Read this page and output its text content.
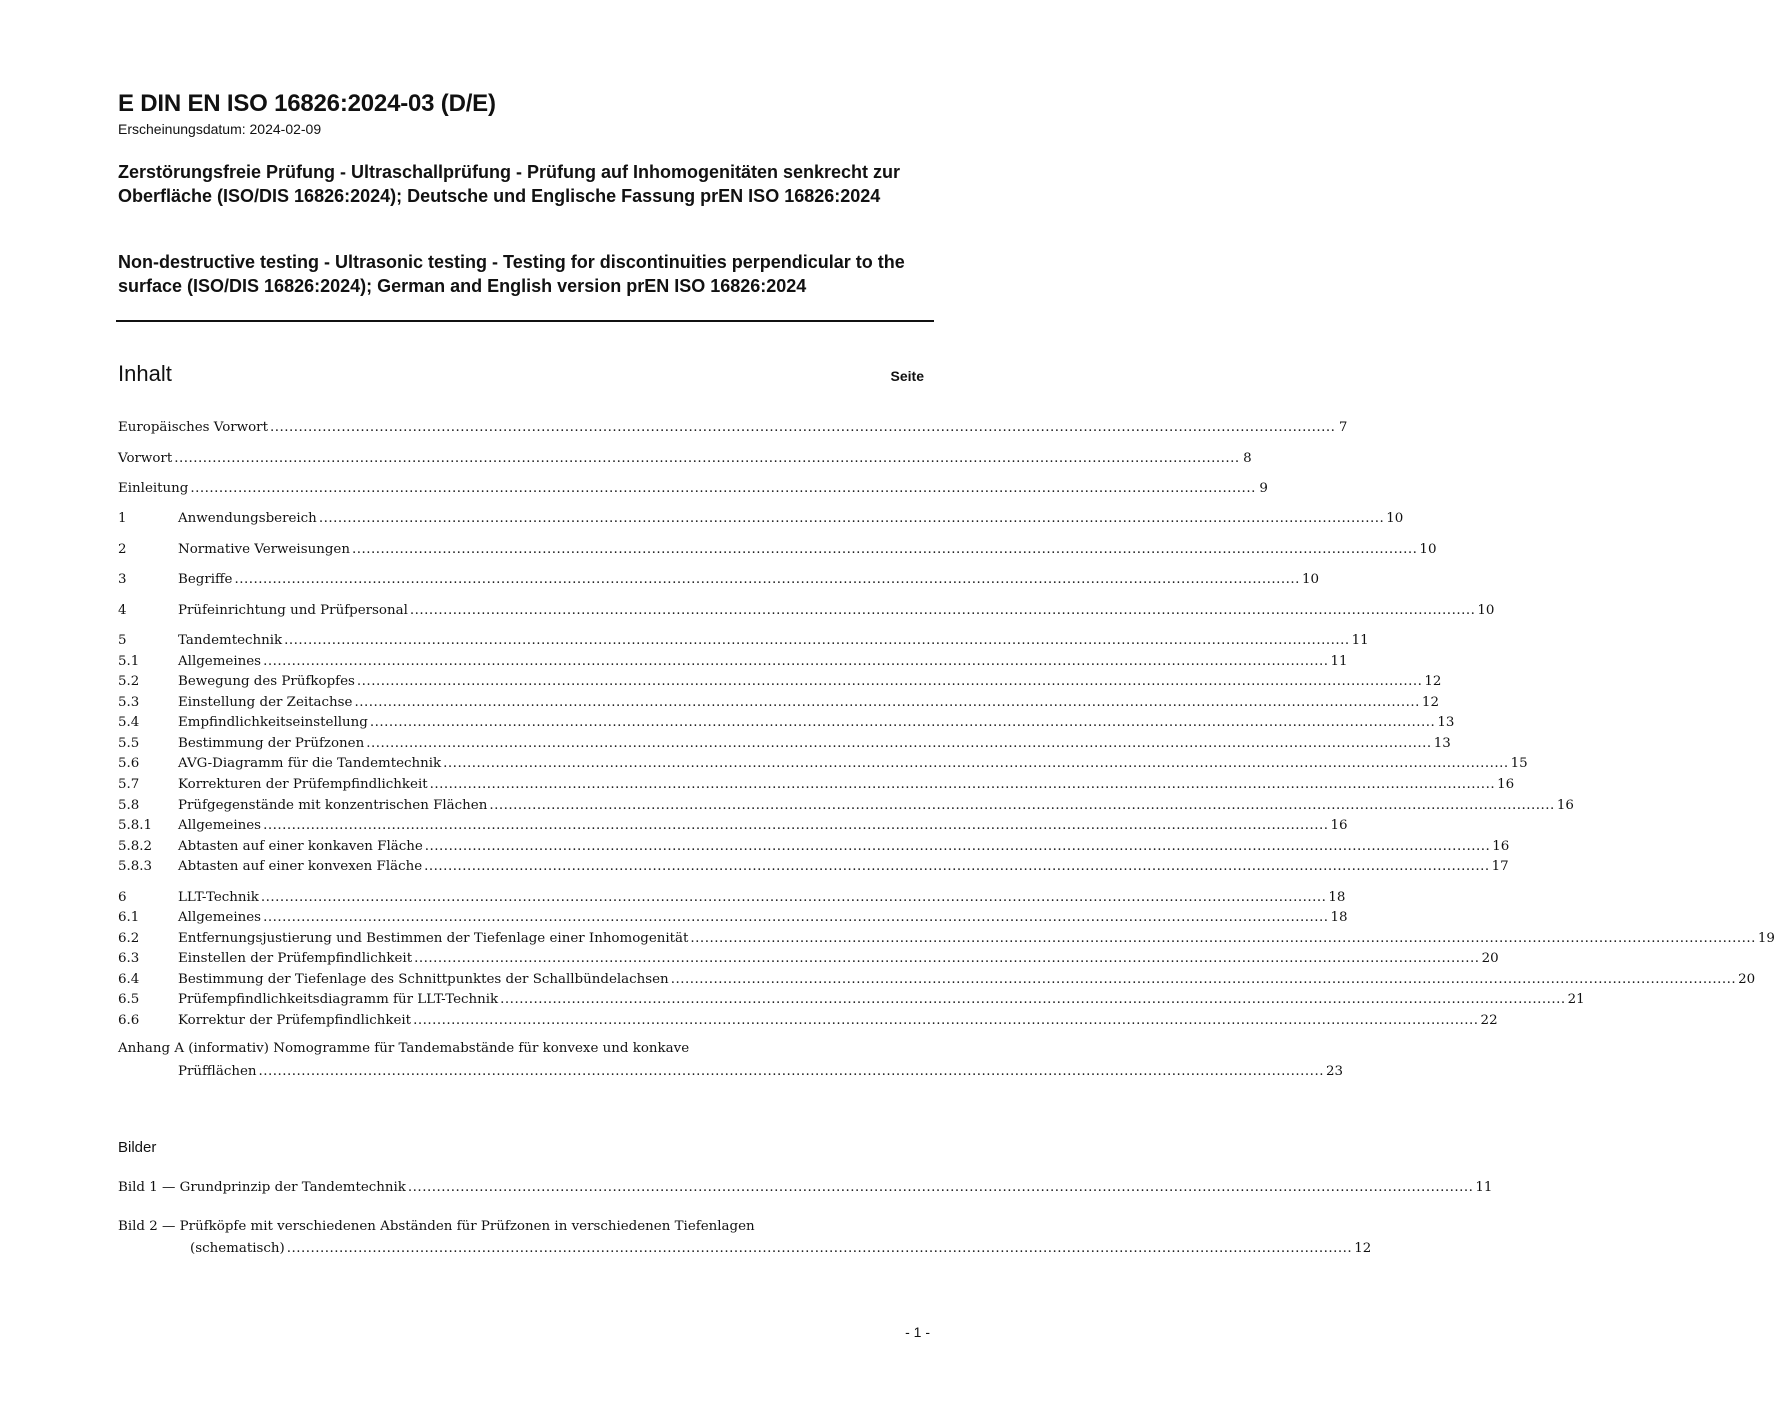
E DIN EN ISO 16826:2024-03 (D/E)
Erscheinungsdatum: 2024-02-09
Zerstörungsfreie Prüfung - Ultraschallprüfung - Prüfung auf Inhomogenitäten senkrecht zur Oberfläche (ISO/DIS 16826:2024); Deutsche und Englische Fassung prEN ISO 16826:2024
Non-destructive testing - Ultrasonic testing - Testing for discontinuities perpendicular to the surface (ISO/DIS 16826:2024); German and English version prEN ISO 16826:2024
Inhalt	Seite
Europäisches Vorwort .....	7
Vorwort .....	8
Einleitung .....	9
1	Anwendungsbereich .....	10
2	Normative Verweisungen .....	10
3	Begriffe .....	10
4	Prüfeinrichtung und Prüfpersonal .....	10
5	Tandemtechnik .....	11
5.1	Allgemeines .....	11
5.2	Bewegung des Prüfkopfes .....	12
5.3	Einstellung der Zeitachse .....	12
5.4	Empfindlichkeitseinstellung .....	13
5.5	Bestimmung der Prüfzonen .....	13
5.6	AVG-Diagramm für die Tandemtechnik .....	15
5.7	Korrekturen der Prüfempfindlichkeit .....	16
5.8	Prüfgegenstände mit konzentrischen Flächen .....	16
5.8.1	Allgemeines .....	16
5.8.2	Abtasten auf einer konkaven Fläche .....	16
5.8.3	Abtasten auf einer konvexen Fläche .....	17
6	LLT-Technik .....	18
6.1	Allgemeines .....	18
6.2	Entfernungsjustierung und Bestimmen der Tiefenlage einer Inhomogenität .....	19
6.3	Einstellen der Prüfempfindlichkeit .....	20
6.4	Bestimmung der Tiefenlage des Schnittpunktes der Schallbündelachsen .....	20
6.5	Prüfempfindlichkeitsdiagramm für LLT-Technik .....	21
6.6	Korrektur der Prüfempfindlichkeit .....	22
Anhang A (informativ) Nomogramme für Tandemabstände für konvexe und konkave
Prüfflächen .....	23
Bilder
Bild 1 — Grundprinzip der Tandemtechnik .....	11
Bild 2 — Prüfköpfe mit verschiedenen Abständen für Prüfzonen in verschiedenen Tiefenlagen
(schematisch) .....	12
- 1 -
